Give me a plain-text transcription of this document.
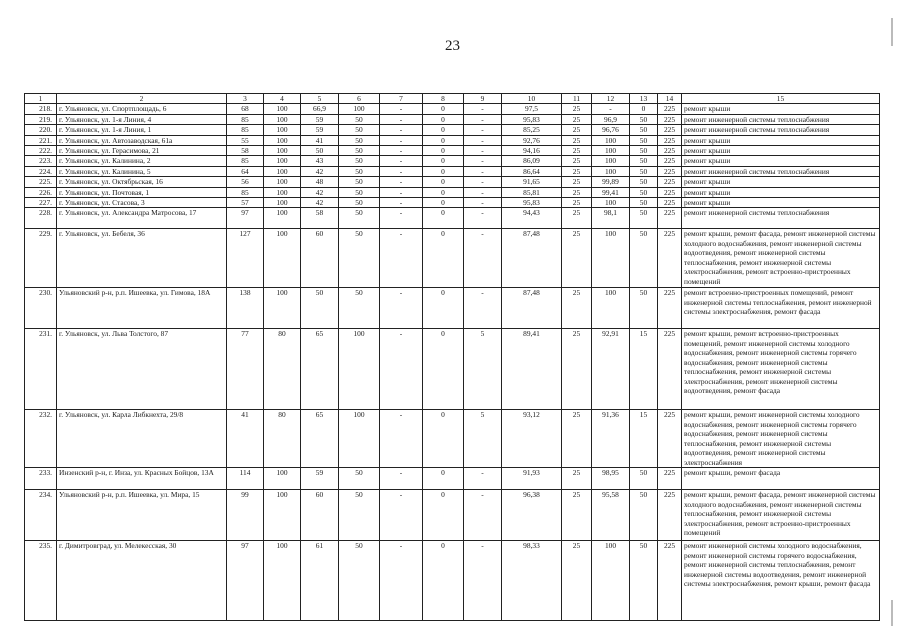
23
1	2	3	4	5	6	7	8	9	10	11	12	13	14	15
218.	г. Ульяновск, ул. Спортплощадь, 6	68	100	66,9	100	-	0	-	97,5	25	-	0	225	ремонт крыши
219.	г. Ульяновск, ул. 1-я Линия, 4	85	100	59	50	-	0	-	95,83	25	96,9	50	225	ремонт инженерной системы теплоснабжения
220.	г. Ульяновск, ул. 1-я Линия, 1	85	100	59	50	-	0	-	85,25	25	96,76	50	225	ремонт инженерной системы теплоснабжения
221.	г. Ульяновск, ул. Автозаводская, 61а	55	100	41	50	-	0	-	92,76	25	100	50	225	ремонт крыши
222.	г. Ульяновск, ул. Герасимова, 21	58	100	50	50	-	0	-	94,16	25	100	50	225	ремонт крыши
223.	г. Ульяновск, ул. Калинина, 2	85	100	43	50	-	0	-	86,09	25	100	50	225	ремонт крыши
224.	г. Ульяновск, ул. Калинина, 5	64	100	42	50	-	0	-	86,64	25	100	50	225	ремонт инженерной системы теплоснабжения
225.	г. Ульяновск, ул. Октябрьская, 16	56	100	48	50	-	0	-	91,65	25	99,89	50	225	ремонт крыши
226.	г. Ульяновск, ул. Почтовая, 1	85	100	42	50	-	0	-	85,81	25	99,41	50	225	ремонт крыши
227.	г. Ульяновск, ул. Стасова, 3	57	100	42	50	-	0	-	95,83	25	100	50	225	ремонт крыши
228.	г. Ульяновск, ул. Александра Матросова, 17	97	100	58	50	-	0	-	94,43	25	98,1	50	225	ремонт инженерной системы теплоснабжения
229.	г. Ульяновск, ул. Бебеля, 36	127	100	60	50	-	0	-	87,48	25	100	50	225	ремонт крыши, ремонт фасада, ремонт инженерной системы холодного водоснабжения, ремонт инженерной системы водоотведения, ремонт инженерной системы теплоснабжения, ремонт инженерной системы электроснабжения, ремонт встроенно-пристроенных помещений
230.	Ульяновский р-н, р.п. Ишеевка, ул. Гимова, 18А	138	100	50	50	-	0	-	87,48	25	100	50	225	ремонт встроенно-пристроенных помещений, ремонт инженерной системы теплоснабжения, ремонт инженерной системы электроснабжения, ремонт фасада
231.	г. Ульяновск, ул. Льва Толстого, 87	77	80	65	100	-	0	5	89,41	25	92,91	15	225	ремонт крыши, ремонт встроенно-пристроенных помещений, ремонт инженерной системы холодного водоснабжения, ремонт инженерной системы горячего водоснабжения, ремонт инженерной системы теплоснабжения, ремонт инженерной системы электроснабжения, ремонт инженерной системы водоотведения, ремонт фасада
232.	г. Ульяновск, ул. Карла Либкнехта, 29/8	41	80	65	100	-	0	5	93,12	25	91,36	15	225	ремонт крыши, ремонт инженерной системы холодного водоснабжения, ремонт инженерной системы горячего водоснабжения, ремонт инженерной системы теплоснабжения, ремонт инженерной системы водоотведения, ремонт инженерной системы электроснабжения
233.	Инзенский р-н, г. Инза, ул. Красных Бойцов, 13А	114	100	59	50	-	0	-	91,93	25	98,95	50	225	ремонт крыши, ремонт фасада
234.	Ульяновский р-н, р.п. Ишеевка, ул. Мира, 15	99	100	60	50	-	0	-	96,38	25	95,58	50	225	ремонт крыши, ремонт фасада, ремонт инженерной системы холодного водоснабжения, ремонт инженерной системы теплоснабжения, ремонт инженерной системы электроснабжения, ремонт встроенно-пристроенных помещений
235.	г. Димитровград, ул. Мелекесская, 30	97	100	61	50	-	0	-	98,33	25	100	50	225	ремонт инженерной системы холодного водоснабжения, ремонт инженерной системы горячего водоснабжения, ремонт инженерной системы теплоснабжения, ремонт инженерной системы водоотведения, ремонт инженерной системы электроснабжения, ремонт крыши, ремонт фасада
